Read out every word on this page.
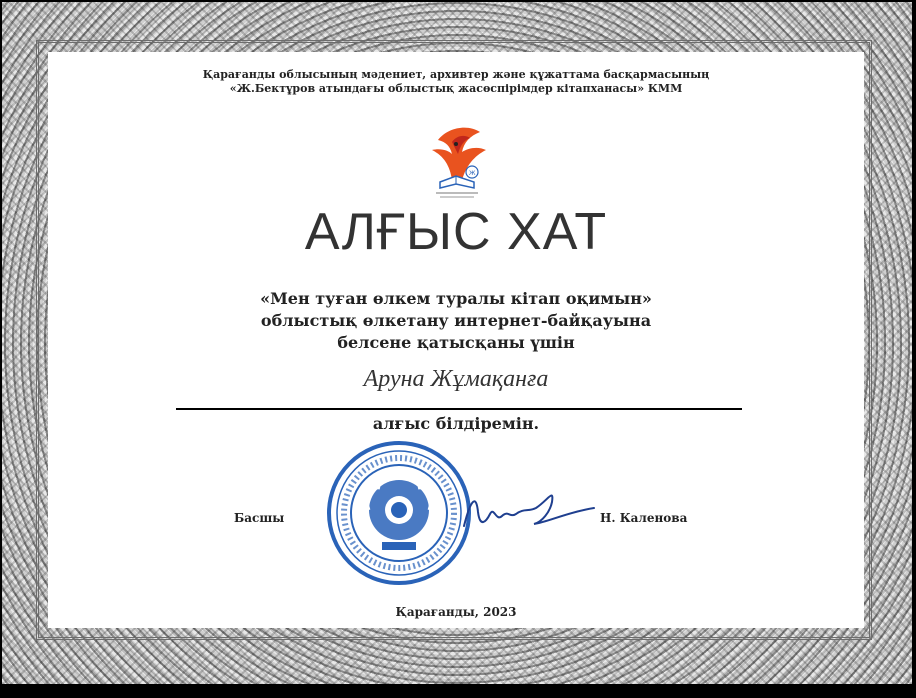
Қарағанды облысының мәдениет, архивтер және құжаттама басқармасының
«Ж.Бектұров атындағы облыстық жасөспірімдер кітапханасы» КММ
Ж
АЛҒЫС ХАТ
«Мен туған өлкем туралы кітап оқимын»
облыстық өлкетану интернет-байқауына
белсене қатысқаны үшін
Аруна Жұмақанға
алғыс білдіремін.
Басшы	Н. Каленова
Қарағанды, 2023
